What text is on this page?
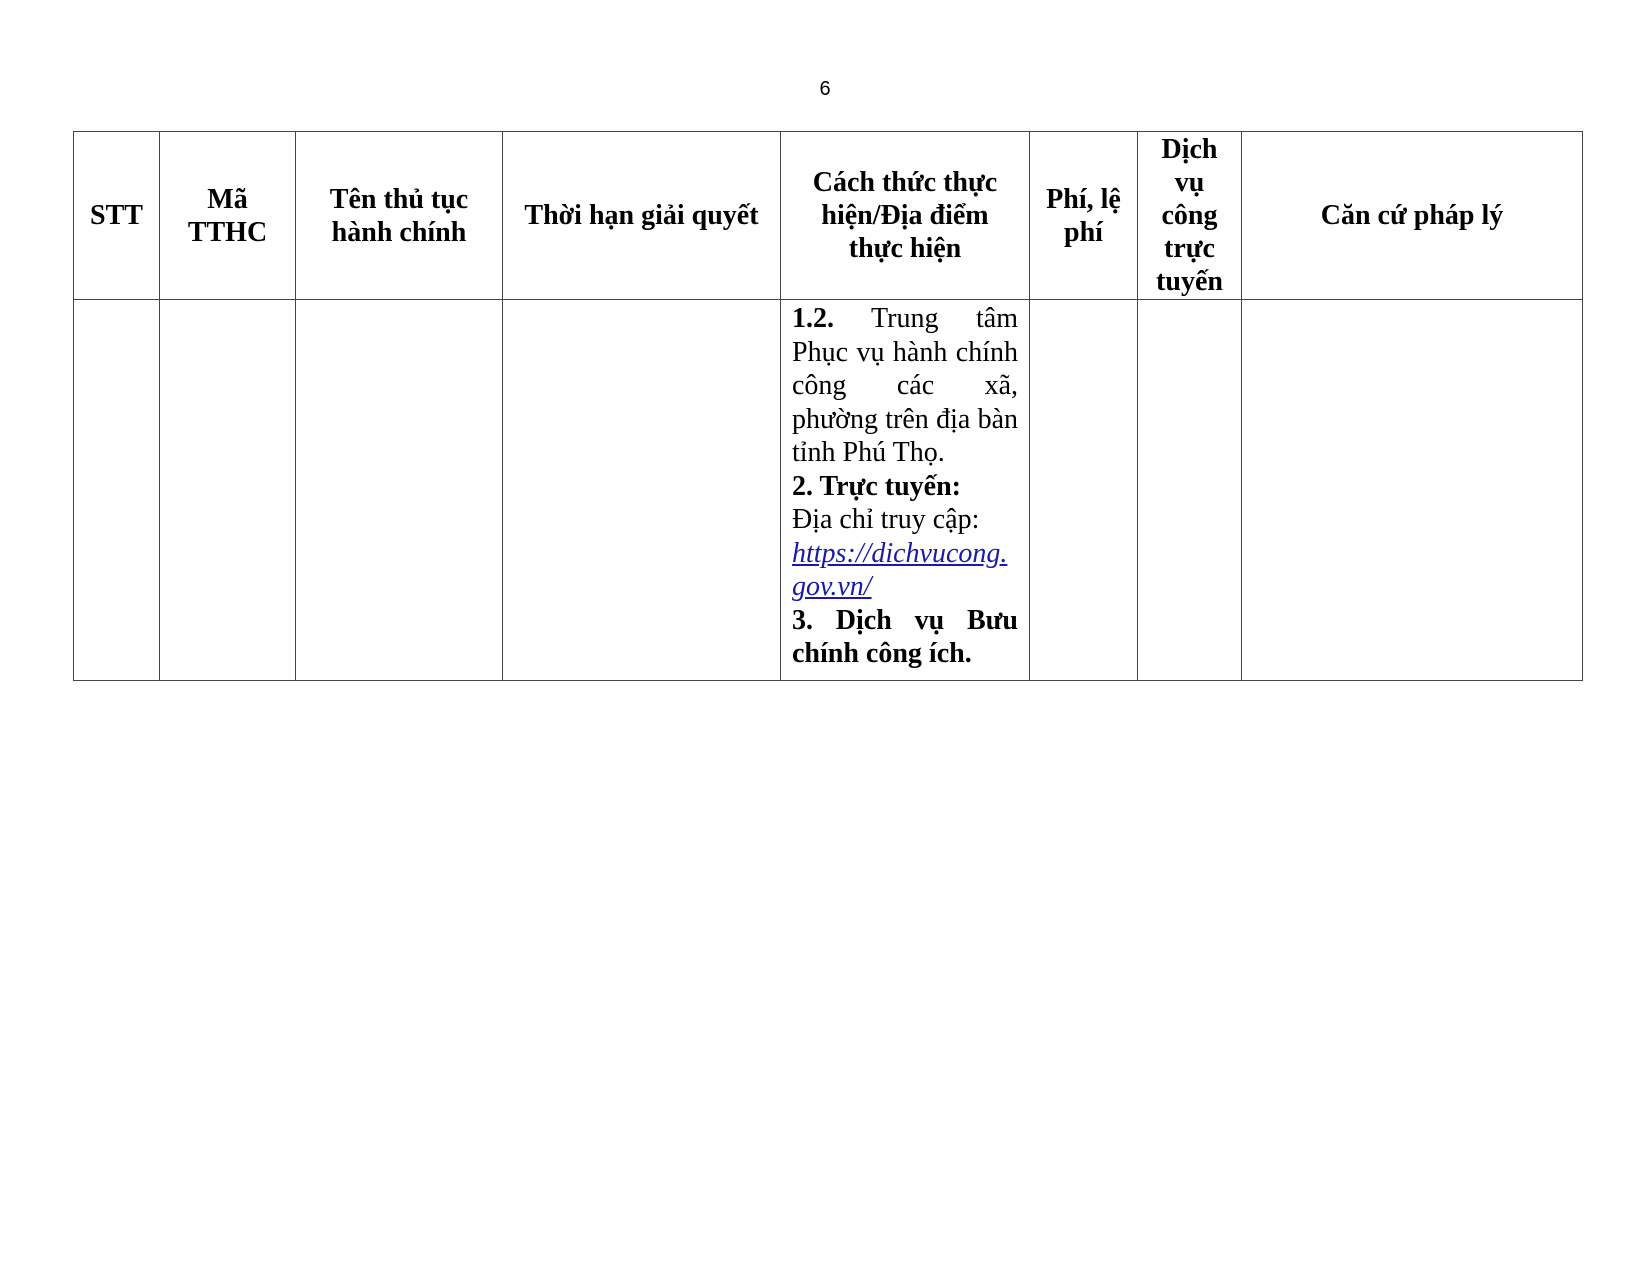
6
STT	Mã TTHC	Tên thủ tục hành chính	Thời hạn giải quyết	Cách thức thực hiện/Địa điểm thực hiện	Phí, lệ phí	Dịch vụ công trực tuyến	Căn cứ pháp lý

				1.2. Trung tâm Phục vụ hành chính công các xã, phường trên địa bàn tỉnh Phú Thọ.
2. Trực tuyến:
Địa chỉ truy cập:
https://dichvucong.gov.vn/
3. Dịch vụ Bưu chính công ích.			
